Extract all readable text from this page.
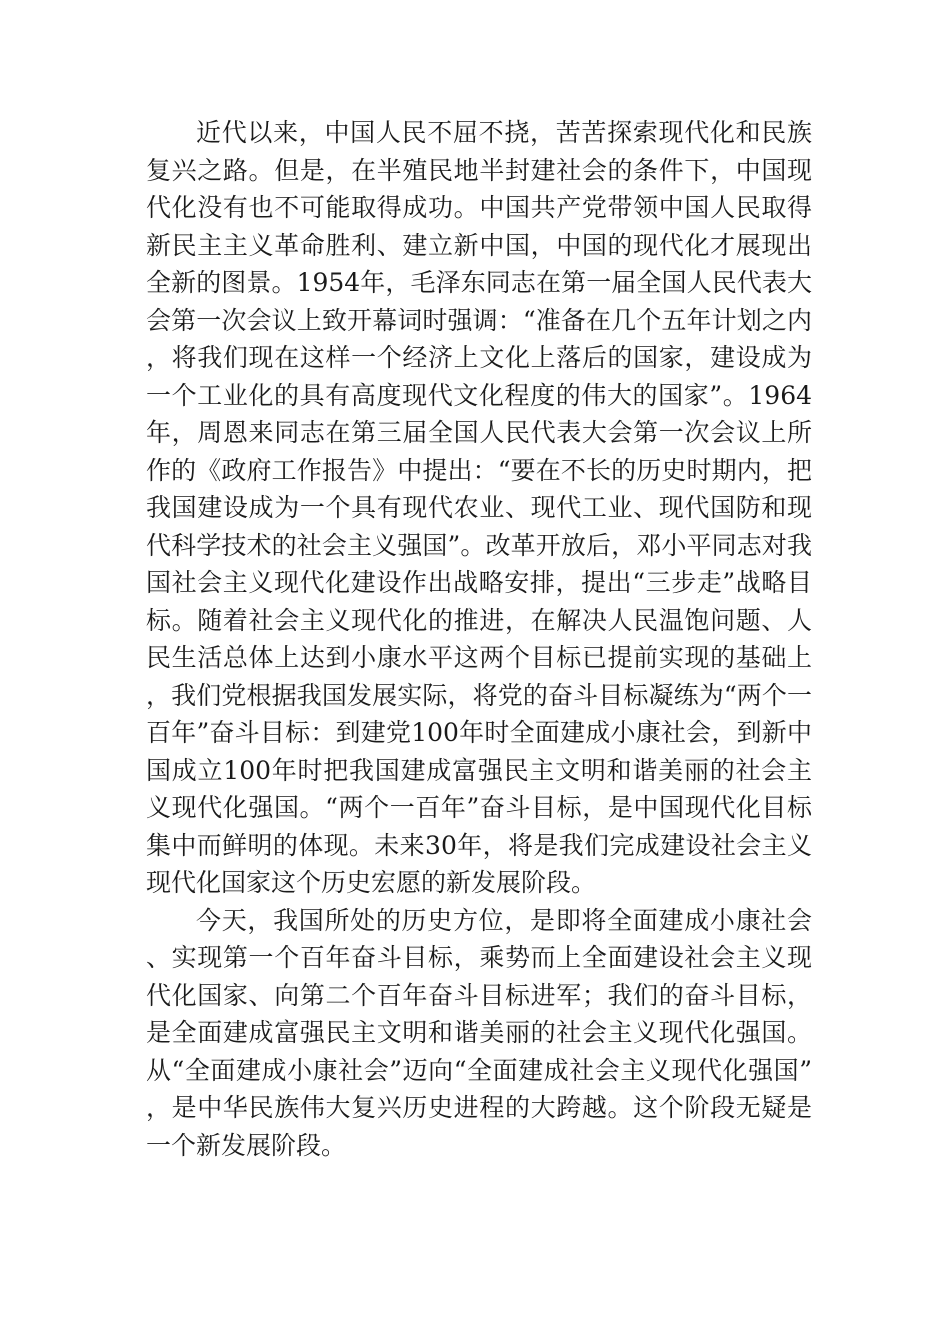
近代以来，中国人民不屈不挠，苦苦探索现代化和民族复兴之路。但是，在半殖民地半封建社会的条件下，中国现代化没有也不可能取得成功。中国共产党带领中国人民取得新民主主义革命胜利、建立新中国，中国的现代化才展现出全新的图景。1954年，毛泽东同志在第一届全国人民代表大会第一次会议上致开幕词时强调：“准备在几个五年计划之内，将我们现在这样一个经济上文化上落后的国家，建设成为一个工业化的具有高度现代文化程度的伟大的国家”。1964年，周恩来同志在第三届全国人民代表大会第一次会议上所作的《政府工作报告》中提出：“要在不长的历史时期内，把我国建设成为一个具有现代农业、现代工业、现代国防和现代科学技术的社会主义强国”。改革开放后，邓小平同志对我国社会主义现代化建设作出战略安排，提出“三步走”战略目标。随着社会主义现代化的推进，在解决人民温饱问题、人民生活总体上达到小康水平这两个目标已提前实现的基础上，我们党根据我国发展实际，将党的奋斗目标凝练为“两个一百年”奋斗目标：到建党100年时全面建成小康社会，到新中国成立100年时把我国建成富强民主文明和谐美丽的社会主义现代化强国。“两个一百年”奋斗目标，是中国现代化目标集中而鲜明的体现。未来30年，将是我们完成建设社会主义现代化国家这个历史宏愿的新发展阶段。

今天，我国所处的历史方位，是即将全面建成小康社会、实现第一个百年奋斗目标，乘势而上全面建设社会主义现代化国家、向第二个百年奋斗目标进军；我们的奋斗目标，是全面建成富强民主文明和谐美丽的社会主义现代化强国。从“全面建成小康社会”迈向“全面建成社会主义现代化强国”，是中华民族伟大复兴历史进程的大跨越。这个阶段无疑是一个新发展阶段。
